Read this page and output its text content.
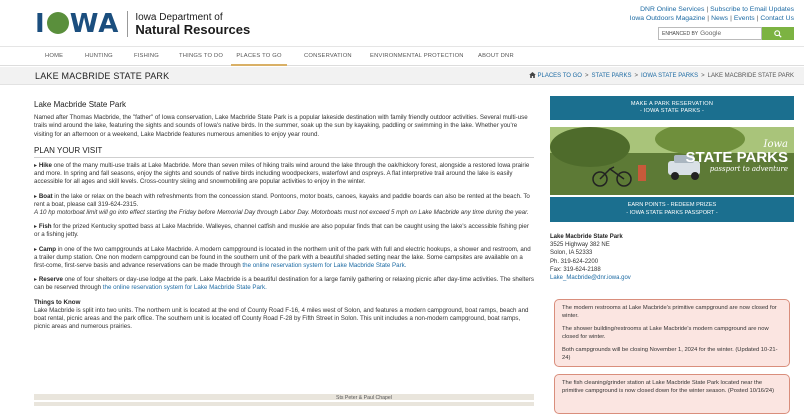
I WA Iowa Department of
Natural Resources
DNR Online Services | Subscribe to Email Updates
Iowa Outdoors Magazine | News | Events | Contact Us
ENHANCED BY Google
HOME	HUNTING	FISHING	THINGS TO DO	PLACES TO GO	CONSERVATION	ENVIRONMENTAL PROTECTION ABOUT DNR
LAKE MACBRIDE STATE PARK	PLACES TO GO > STATE PARKS > IOWA STATE PARKS > LAKE MACBRIDE STATE PARK
Lake Macbride State Park
Named after Thomas Macbride, the "father" of Iowa conservation, Lake Macbride State Park is a popular lakeside destination with family friendly outdoor activities. Several multi-use trails wind around the lake, featuring the sights and sounds of Iowa's native birds. In the summer, soak up the sun by kayaking, paddling or swimming in the lake. Whether you're visiting for an afternoon or a weekend, Lake Macbride features numerous amenities to enjoy year round.
PLAN YOUR VISIT
▸ Hike one of the many multi-use trails at Lake Macbride. More than seven miles of hiking trails wind around the lake through the oak/hickory forest, alongside a restored Iowa prairie and more. In spring and fall seasons, enjoy the sights and sounds of native birds including woodpeckers, waterfowl and ospreys. A flat interpretive trail around the lake is easily accessible for all ages and skill levels. Cross-country skiing and snowmobiling are popular activities to enjoy in the winter.
▸ Boat in the lake or relax on the beach with refreshments from the concession stand. Pontoons, motor boats, canoes, kayaks and paddle boards can also be rented at the beach. To rent a boat, please call 319-624-2315.
A 10 hp motorboat limit will go into effect starting the Friday before Memorial Day through Labor Day. Motorboats must not exceed 5 mph on Lake Macbride any time during the year.
▸ Fish for the prized Kentucky spotted bass at Lake Macbride. Walleyes, channel catfish and muskie are also popular finds that can be caught using the lake's accessible fishing pier or a fishing jetty.
▸ Camp in one of the two campgrounds at Lake Macbride. A modern campground is located in the northern unit of the park with full and electric hookups, a shower and restroom, and a trailer dump station. One non modern campground can be found in the southern unit of the park with a beautiful shaded setting near the lake. Some campsites are available on a first-come, first-serve basis and advance reservations can be made through the online reservation system for Lake Macbride State Park.
▸ Reserve one of four shelters or day-use lodge at the park. Lake Macbride is a beautiful destination for a large family gathering or relaxing picnic after day-time activities. The shelters can be reserved through the online reservation system for Lake Macbride State Park.
Things to Know
Lake Macbride is split into two units. The northern unit is located at the end of County Road F-16, 4 miles west of Solon, and features a modern campground, boat ramps, beach and boat rental, picnic areas and the park office. The southern unit is located off County Road F-28 by Fifth Street in Solon. This unit includes a non-modern campground, boat ramps, picnic areas and numerous prairies.
Sts Peter & Paul Chapel
MAKE A PARK RESERVATION
- IOWA STATE PARKS -
Iowa
STATE PARKS
passport to adventure
EARN POINTS - REDEEM PRIZES
- IOWA STATE PARKS PASSPORT -
Lake Macbride State Park
3525 Highway 382 NE
Solon, IA 52333
Ph. 319-624-2200
Fax: 319-624-2188
Lake_Macbride@dnr.iowa.gov

The modern restrooms at Lake Macbride's primitive campground are now closed for winter.

The shower building/restrooms at Lake Macbride's modern campground are now closed for winter.

Both campgrounds will be closing November 1, 2024 for the winter. (Updated 10-21-24)

The fish cleaning/grinder station at Lake Macbride State Park located near the primitive campground is now closed down for the winter season. (Posted 10/16/24)
